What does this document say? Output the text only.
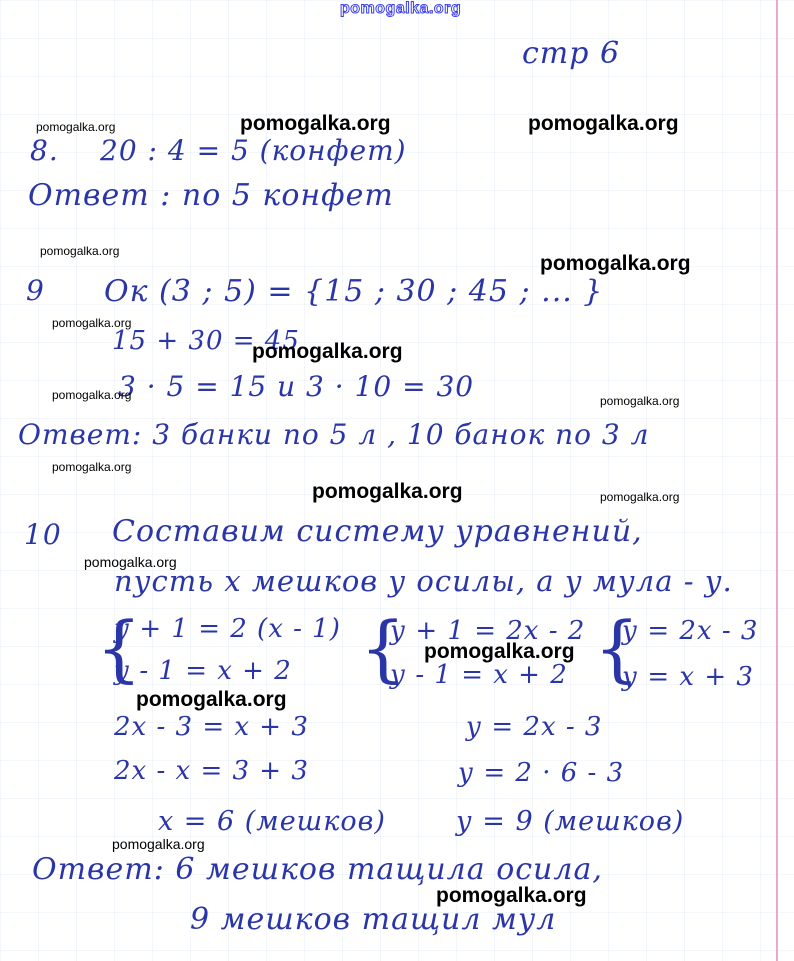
pomogalka.org
стр 6
8. 20 : 4 = 5 (конфет)
Ответ : по 5 конфет
9 Ок (3 ; 5) = {15 ; 30 ; 45 ; ... }
15 + 30 = 45
3 · 5 = 15 и 3 · 10 = 30
Ответ: 3 банки по 5 л , 10 банок по 3 л
10 Составим систему уравнений,
пусть x мешков у осилы, а у мула - у.
{
у + 1 = 2 (x - 1)
у - 1 = x + 2 {
у + 1 = 2x - 2
у - 1 = x + 2 {
у = 2x - 3
у = x + 3
2x - 3 = x + 3
2x - x = 3 + 3
x = 6 (мешков)
у = 2x - 3
у = 2 · 6 - 3
у = 9 (мешков)
Ответ: 6 мешков тащила осила,
9 мешков тащил мул
pomogalka.org	pomogalka.org
pomogalka.org
pomogalka.org
pomogalka.org
pomogalka.org
pomogalka.org
pomogalka.org
pomogalka.org
pomogalka.org
pomogalka.org
pomogalka.org	pomogalka.org
pomogalka.org
pomogalka.org
pomogalka.org
pomogalka.org
